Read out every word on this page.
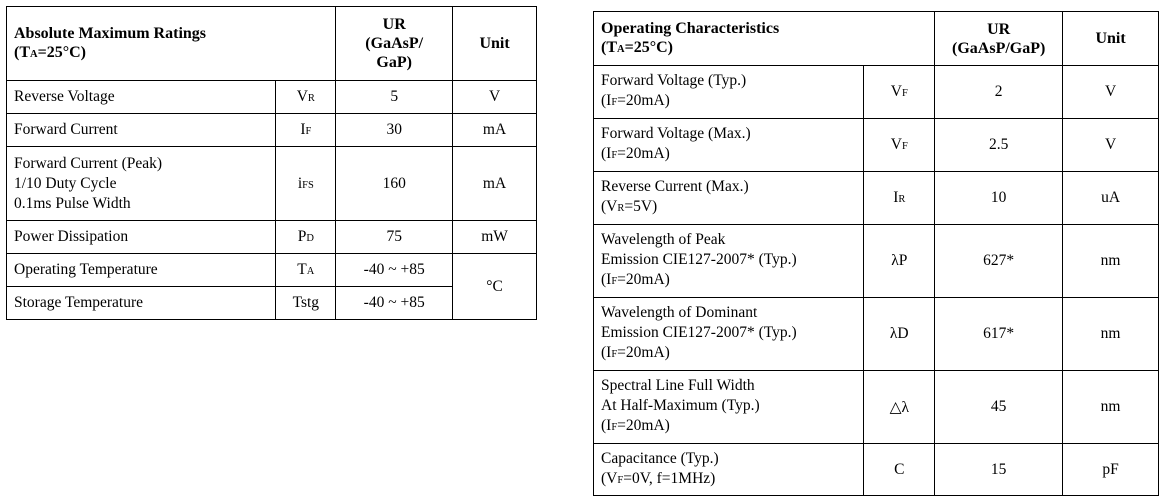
Absolute Maximum Ratings
(TA=25°C)		UR
(GaAsP/
GaP)	Unit
Reverse Voltage	VR	5	V
Forward Current	IF	30	mA
Forward Current (Peak)
1/10 Duty Cycle
0.1ms Pulse Width	iFS	160	mA
Power Dissipation	PD	75	mW
Operating Temperature	TA	-40 ~ +85	°C
Storage Temperature	Tstg	-40 ~ +85	
Operating Characteristics
(TA=25°C)		UR
(GaAsP/GaP)	Unit
Forward Voltage (Typ.)
(IF=20mA)	VF	2	V
Forward Voltage (Max.)
(IF=20mA)	VF	2.5	V
Reverse Current (Max.)
(VR=5V)	IR	10	uA
Wavelength of Peak
Emission CIE127-2007* (Typ.)
(IF=20mA)	λP	627*	nm
Wavelength of Dominant
Emission CIE127-2007* (Typ.)
(IF=20mA)	λD	617*	nm
Spectral Line Full Width
At Half-Maximum (Typ.)
(IF=20mA)	△λ	45	nm
Capacitance (Typ.)
(VF=0V, f=1MHz)	C	15	pF
